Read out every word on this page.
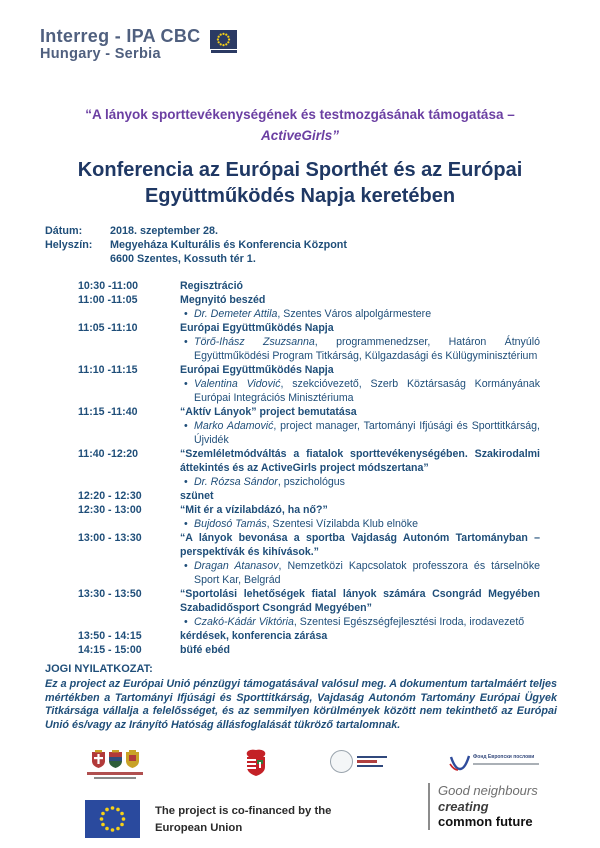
Interreg - IPA CBC
Hungary - Serbia
“A lányok sporttevékenységének és testmozgásának támogatása –
ActiveGirls”
Konferencia az Európai Sporthét és az Európai
Együttműködés Napja keretében
Dátum:	2018. szeptember 28.
Helyszín:	Megyeháza Kulturális és Konferencia Központ
6600 Szentes, Kossuth tér 1.
10:30 -11:00	Regisztráció
11:00 -11:05	Megnyitó beszéd
• Dr. Demeter Attila, Szentes Város alpolgármestere
11:05 -11:10	Európai Együttműködés Napja
• Törő-Ihász Zsuzsanna, programmenedzser, Határon Átnyúló Együttműködési Program Titkárság, Külgazdasági és Külügyminisztérium
11:10 -11:15	Európai Együttműködés Napja
• Valentina Vidović, szekcióvezető, Szerb Köztársaság Kormányának Európai Integrációs Minisztériuma
11:15 -11:40	“Aktív Lányok” project bemutatása
• Marko Adamović, project manager, Tartományi Ifjúsági és Sporttitkárság, Újvidék
11:40 -12:20	“Szemléletmódváltás a fiatalok sporttevékenységében. Szakirodalmi áttekintés és az ActiveGirls project módszertana”
• Dr. Rózsa Sándor, pszichológus
12:20 - 12:30	szünet
12:30 - 13:00	“Mit ér a vízilabdázó, ha nő?”
• Bujdosó Tamás, Szentesi Vízilabda Klub elnöke
13:00 - 13:30	“A lányok bevonása a sportba Vajdaság Autonóm Tartományban – perspektívák és kihívások.”
• Dragan Atanasov, Nemzetközi Kapcsolatok professzora és társelnöke Sport Kar, Belgrád
13:30 - 13:50	“Sportolási lehetőségek fiatal lányok számára Csongrád Megyében Szabadidősport Csongrád Megyében”
• Czakó-Kádár Viktória, Szentesi Egészségfejlesztési Iroda, irodavezető
13:50 - 14:15	kérdések, konferencia zárása
14:15 - 15:00	büfé ebéd
JOGI NYILATKOZAT:
Ez a project az Európai Unió pénzügyi támogatásával valósul meg. A dokumentum tartalmáért teljes mértékben a Tartományi Ifjúsági és Sporttitkárság, Vajdaság Autonóm Tartomány Európai Ügyek Titkársága vállalja a felelősséget, és az semmilyen körülmények között nem tekinthető az Európai Unió és/vagy az Irányító Hatóság állásfoglalását tükröző tartalomnak.
Фонд Европски послови
The project is co-financed by the
European Union
Good neighbours
creating
common future
